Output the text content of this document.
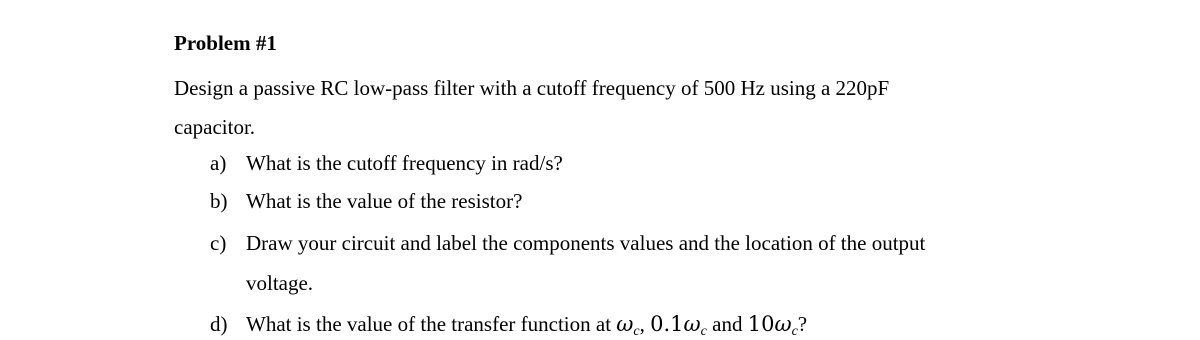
Problem #1
Design a passive RC low-pass filter with a cutoff frequency of 500 Hz using a 220pF
capacitor.
a) What is the cutoff frequency in rad/s?
b) What is the value of the resistor?
c) Draw your circuit and label the components values and the location of the output
voltage.
d) What is the value of the transfer function at $\omega_c$, $0.1\omega_c$ and $10\omega_c$?
